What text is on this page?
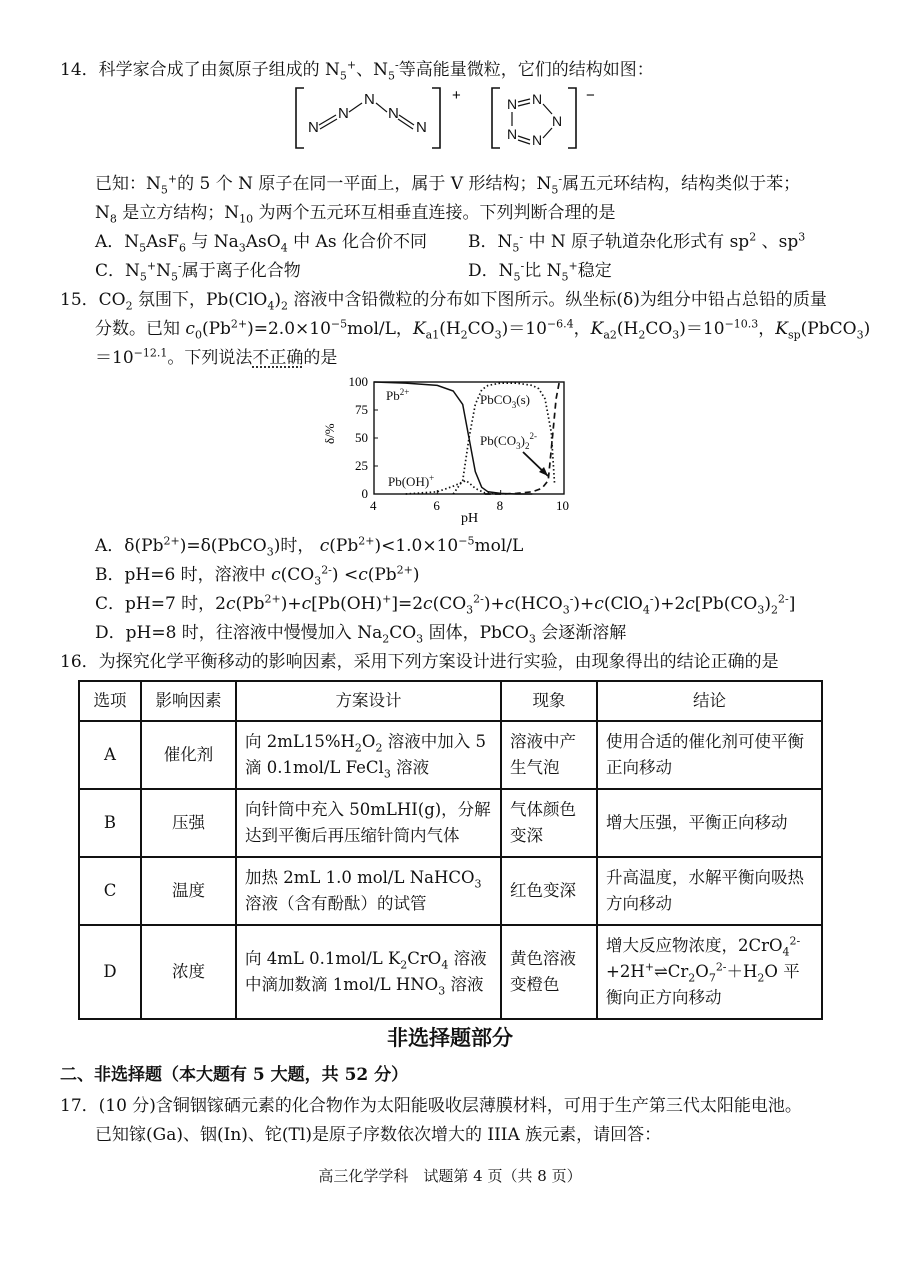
14．科学家合成了由氮原子组成的 $N_5^+$、$N_5^-$等高能量微粒，它们的结构如图：
N
N
N
N
N
+	N N
N
N
N
−
已知：$N_5^+$的 5 个 N 原子在同一平面上，属于 V 形结构；$N_5^-$属五元环结构，结构类似于苯；
$N_8$ 是立方结构；$N_{10}$ 为两个五元环互相垂直连接。下列判断合理的是
A．$N_5AsF_6$ 与 $Na_3AsO_4$ 中 As 化合价不同 B．$N_5^-$ 中 N 原子轨道杂化形式有 $sp^2$ 、$sp^3$
C．$N_5^+N_5^-$属于离子化合物	D．$N_5^-$比 $N_5^+$稳定
15．$CO_2$ 氛围下，$Pb(ClO_4)_2$ 溶液中含铅微粒的分布如下图所示。纵坐标(δ)为组分中铅占总铅的质量
分数。已知 $c_0(Pb^{2+})=2.0\times 10^{-5}mol/L$，$K_{a1}(H_2CO_3)=10^{-6.4}$，$K_{a2}(H_2CO_3)=10^{-10.3}$，$K_{sp}(PbCO_3)$
$=10^{-12.1}$。下列说法不正确的是
4	6	8	10
0
25
50
75
100
$Pb^{2+}$	PbCO$_3$(s)
$Pb(CO_3)_2^{2-}$
Pb(OH)+
δ/%
pH
A．$\delta(Pb^{2+})=\delta(PbCO_3)$时， $c(Pb^{2+})<1.0\times 10^{-5}mol/L$
B．pH=6 时，溶液中 $c(CO_3^{2-}) <c(Pb^{2+})$
C．pH=7 时，$2c(Pb^{2+})+c[Pb(OH)^+]=2c(CO_3^{2-})+c(HCO_3^-)+c(ClO_4^-)+2c[Pb(CO_3)_2^{2-}]$
D．pH=8 时，往溶液中慢慢加入 $Na_2CO_3$ 固体，PbCO$_3$ 会逐渐溶解
16．为探究化学平衡移动的影响因素，采用下列方案设计进行实验，由现象得出的结论正确的是
选项	影响因素	方案设计	现象	结论
A	催化剂	向 $2mL15\%H_2O_2$ 溶液中加入 5 滴 0.1mol/L FeCl$_3$ 溶液	溶液中产生气泡	使用合适的催化剂可使平衡正向移动
B	压强	向针筒中充入 50mLHI(g)，分解达到平衡后再压缩针筒内气体	气体颜色变深	增大压强，平衡正向移动
C	温度	加热 2mL 1.0 mol/L NaHCO$_3$ 溶液（含有酚酞）的试管	红色变深	升高温度，水解平衡向吸热方向移动
D	浓度	向 4mL 0.1mol/L $K_2CrO_4$ 溶液中滴加数滴 1mol/L $HNO_3$ 溶液	黄色溶液变橙色	增大反应物浓度，$2CrO_4^{2-}+2H^+\rightleftharpoons Cr_2O_7^{2-}+H_2O$ 平衡向正方向移动
非选择题部分
二、非选择题（本大题有 5 大题，共 52 分）
17．(10 分)含铜铟镓硒元素的化合物作为太阳能吸收层薄膜材料，可用于生产第三代太阳能电池。
已知镓(Ga)、铟(In)、铊(Tl)是原子序数依次增大的 IIIA 族元素，请回答：
高三化学学科　试题第 4 页（共 8 页）
